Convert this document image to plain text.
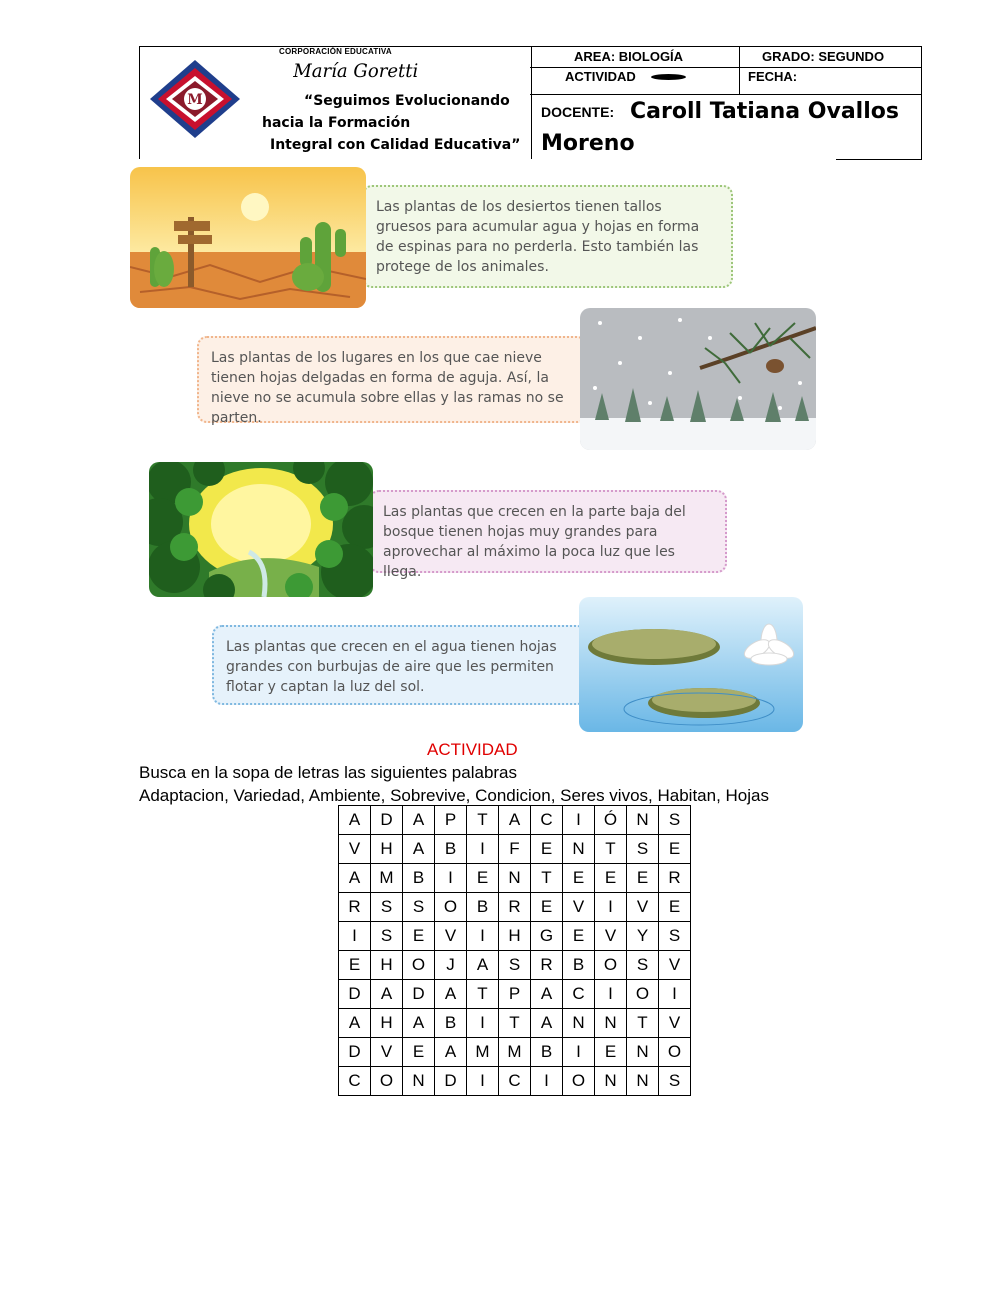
M
CORPORACIÓN EDUCATIVA
María Goretti
“Seguimos Evolucionando
hacia la Formación
Integral con Calidad Educativa”
AREA: BIOLOGÍA	GRADO: SEGUNDO
ACTIVIDAD	FECHA:
DOCENTE: Caroll Tatiana Ovallos
Moreno
Las plantas de los desiertos tienen tallos gruesos para acumular agua y hojas en forma de espinas para no perderla. Esto también las protege de los animales.
Las plantas de los lugares en los que cae nieve tienen hojas delgadas en forma de aguja. Así, la nieve no se acumula sobre ellas y las ramas no se parten.
Las plantas que crecen en la parte baja del bosque tienen hojas muy grandes para aprovechar al máximo la poca luz que les llega.
Las plantas que crecen en el agua tienen hojas grandes con burbujas de aire que les permiten flotar y captan la luz del sol.
ACTIVIDAD
Busca en la sopa de letras las siguientes palabras
Adaptacion, Variedad, Ambiente, Sobrevive, Condicion, Seres vivos, Habitan, Hojas
A	D	A	P	T	A	C	I	Ó	N	S
V	H	A	B	I	F	E	N	T	S	E
A	M	B	I	E	N	T	E	E	E	R
R	S	S	O	B	R	E	V	I	V	E
I	S	E	V	I	H	G	E	V	Y	S
E	H	O	J	A	S	R	B	O	S	V
D	A	D	A	T	P	A	C	I	O	I
A	H	A	B	I	T	A	N	N	T	V
D	V	E	A	M	M	B	I	E	N	O
C	O	N	D	I	C	I	O	N	N	S
